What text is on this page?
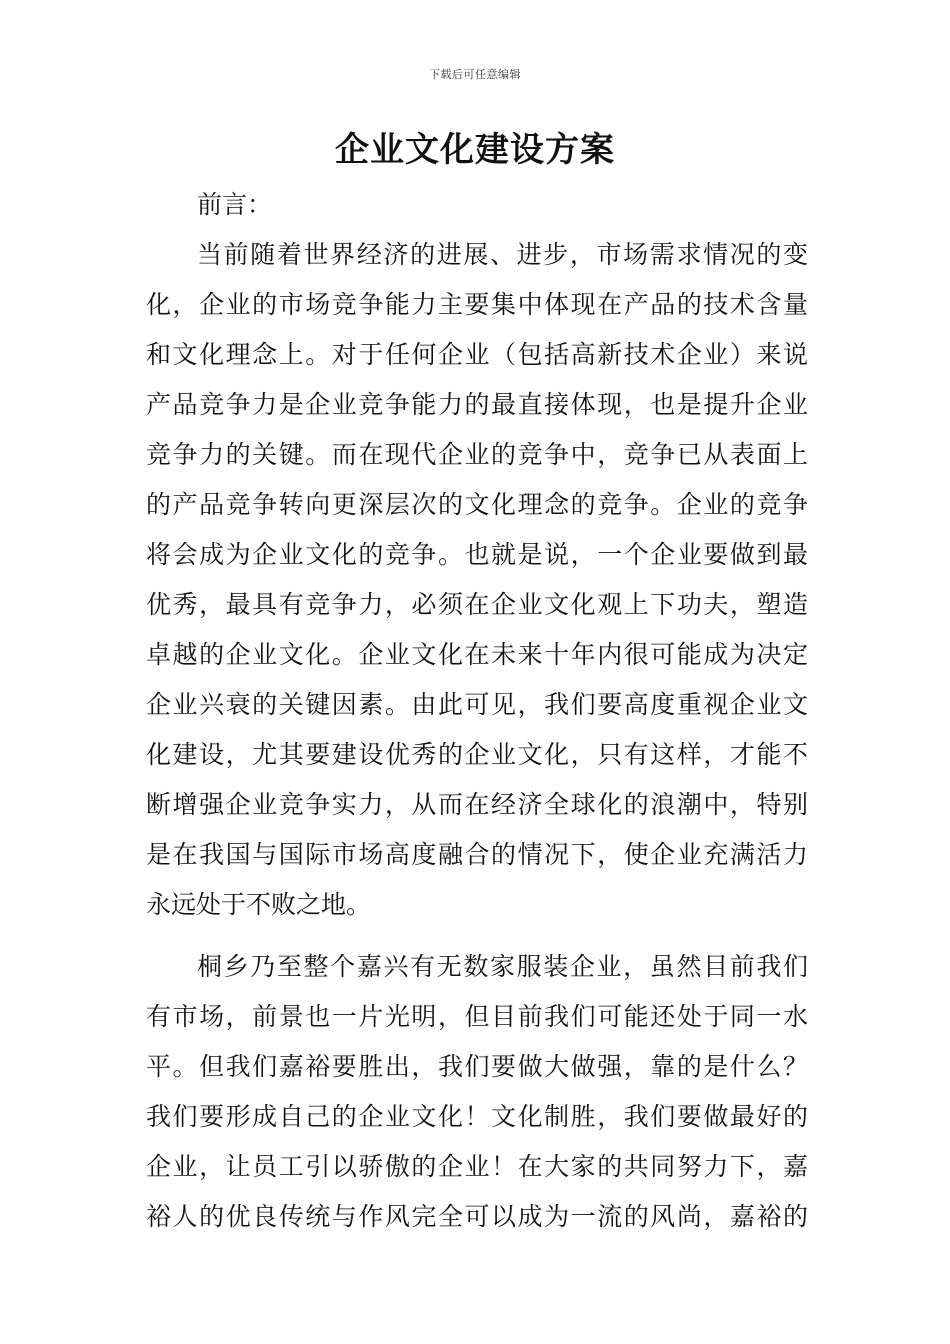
下载后可任意编辑
企业文化建设方案
前言：
当前随着世界经济的进展、进步，市场需求情况的变
化，企业的市场竞争能力主要集中体现在产品的技术含量
和文化理念上。对于任何企业（包括高新技术企业）来说
产品竞争力是企业竞争能力的最直接体现，也是提升企业
竞争力的关键。而在现代企业的竞争中，竞争已从表面上
的产品竞争转向更深层次的文化理念的竞争。企业的竞争
将会成为企业文化的竞争。也就是说，一个企业要做到最
优秀，最具有竞争力，必须在企业文化观上下功夫，塑造
卓越的企业文化。企业文化在未来十年内很可能成为决定
企业兴衰的关键因素。由此可见，我们要高度重视企业文
化建设，尤其要建设优秀的企业文化，只有这样，才能不
断增强企业竞争实力，从而在经济全球化的浪潮中，特别
是在我国与国际市场高度融合的情况下，使企业充满活力
永远处于不败之地。
桐乡乃至整个嘉兴有无数家服装企业，虽然目前我们
有市场，前景也一片光明，但目前我们可能还处于同一水
平。但我们嘉裕要胜出，我们要做大做强，靠的是什么？
我们要形成自己的企业文化！文化制胜，我们要做最好的
企业，让员工引以骄傲的企业！在大家的共同努力下，嘉
裕人的优良传统与作风完全可以成为一流的风尚，嘉裕的
